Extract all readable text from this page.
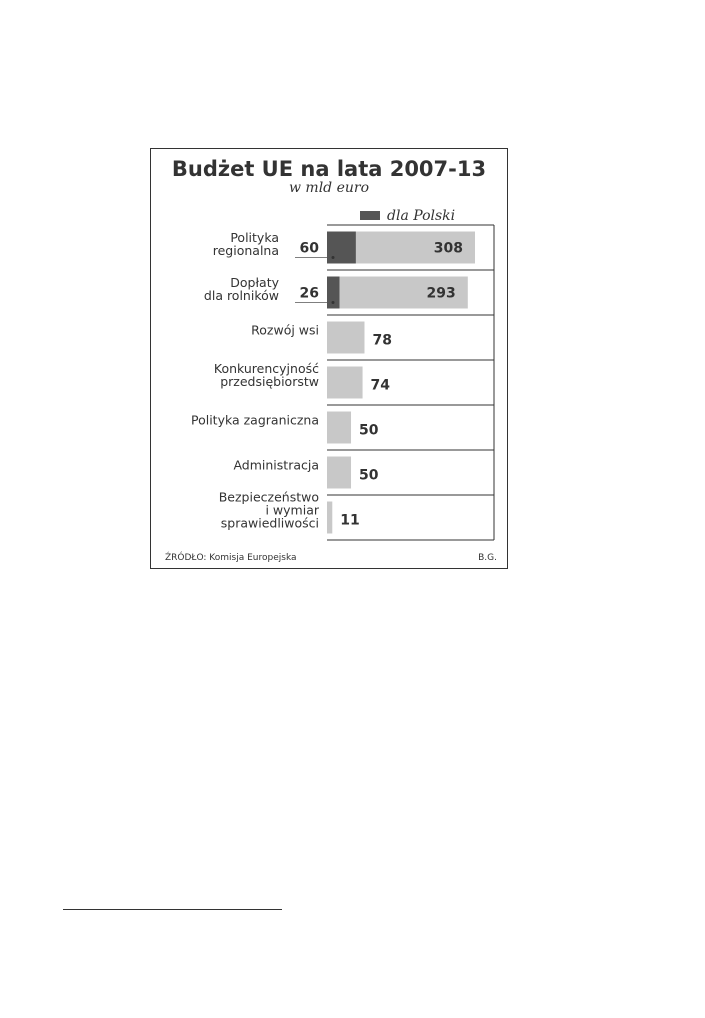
Budżet UE na lata 2007-13
w mld euro
dla Polski
308
60
Polityka
regionalna
293
26
Dopłaty
dla rolników
78
Rozwój wsi
74
Konkurencyjność
przedsiębiorstw
50
Polityka zagraniczna
50
Administracja
11
Bezpieczeństwo
i wymiar
sprawiedliwości
ŹRÓDŁO: Komisja Europejska	B.G.
